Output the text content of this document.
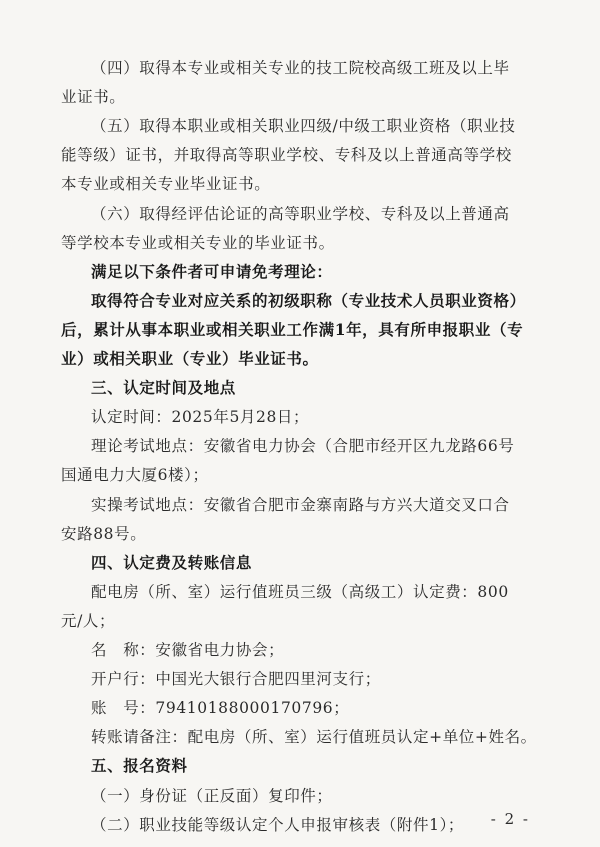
（四）取得本专业或相关专业的技工院校高级工班及以上毕
业证书。
（五）取得本职业或相关职业四级/中级工职业资格（职业技
能等级）证书，并取得高等职业学校、专科及以上普通高等学校
本专业或相关专业毕业证书。
（六）取得经评估论证的高等职业学校、专科及以上普通高
等学校本专业或相关专业的毕业证书。
满足以下条件者可申请免考理论：
取得符合专业对应关系的初级职称（专业技术人员职业资格）
后，累计从事本职业或相关职业工作满1年，具有所申报职业（专
业）或相关职业（专业）毕业证书。
三、认定时间及地点
认定时间：2025年5月28日；
理论考试地点：安徽省电力协会（合肥市经开区九龙路66号
国通电力大厦6楼）；
实操考试地点：安徽省合肥市金寨南路与方兴大道交叉口合
安路88号。
四、认定费及转账信息
配电房（所、室）运行值班员三级（高级工）认定费：800
元/人；
名　称：安徽省电力协会；
开户行：中国光大银行合肥四里河支行；
账　号：79410188000170796；
转账请备注：配电房（所、室）运行值班员认定+单位+姓名。
五、报名资料
（一）身份证（正反面）复印件；
（二）职业技能等级认定个人申报审核表（附件1）； - 2 -
